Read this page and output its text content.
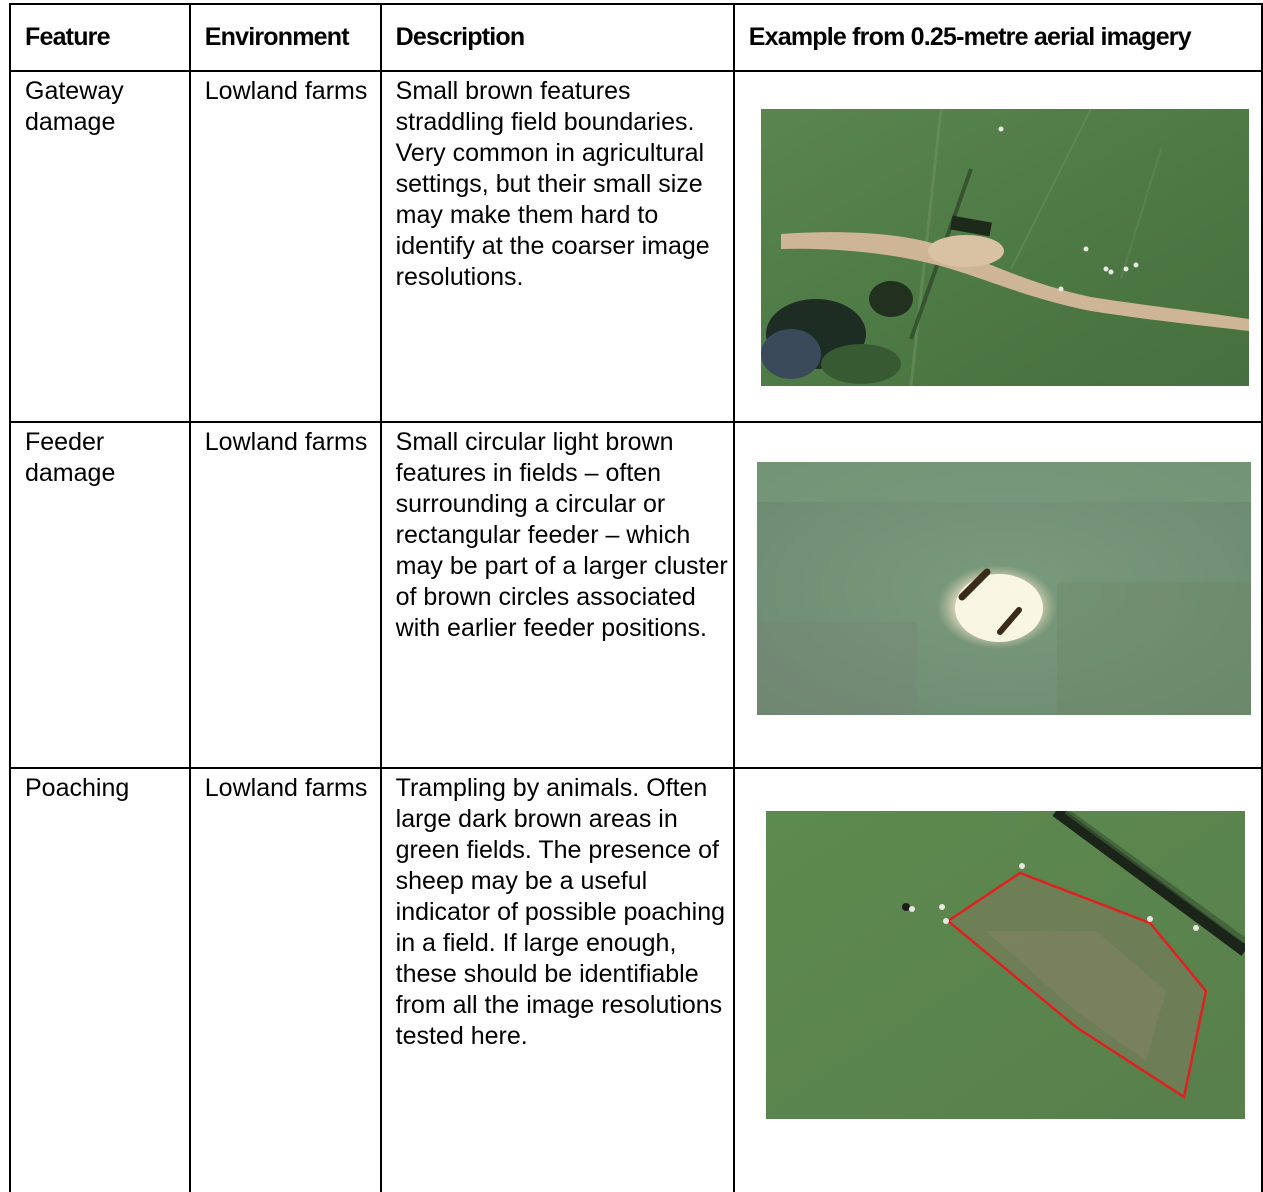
Feature	Environment	Description	Example from 0.25-metre aerial imagery
Gateway damage	Lowland farms	Small brown features straddling field boundaries. Very common in agricultural settings, but their small size may make them hard to identify at the coarser image resolutions.	

Feeder damage	Lowland farms	Small circular light brown features in fields – often surrounding a circular or rectangular feeder – which may be part of a larger cluster of brown circles associated with earlier feeder positions.	

Poaching	Lowland farms	Trampling by animals. Often large dark brown areas in green fields. The presence of sheep may be a useful indicator of possible poaching in a field. If large enough, these should be identifiable from all the image resolutions tested here.	
